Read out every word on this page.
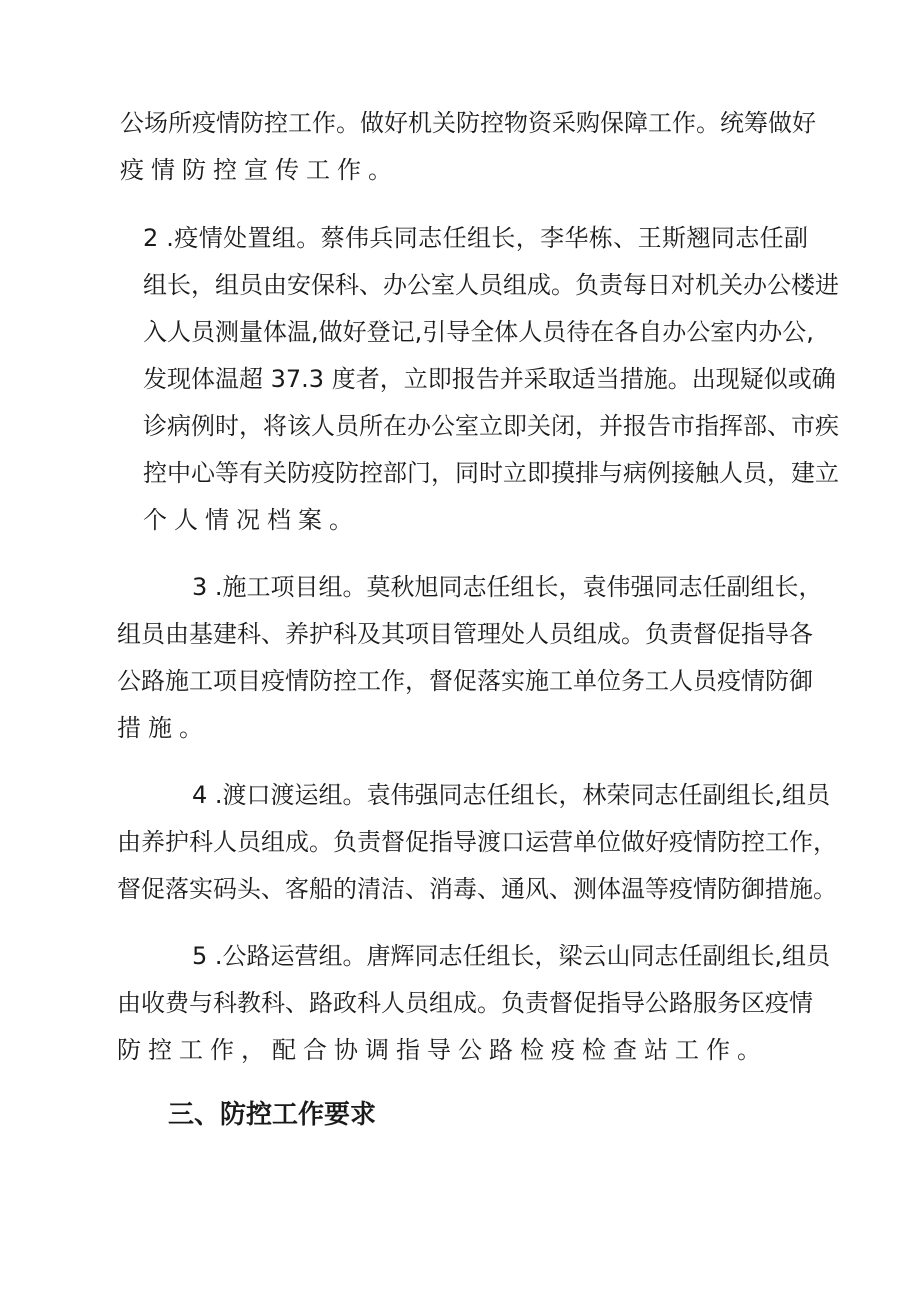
公场所疫情防控工作。做好机关防控物资采购保障工作。统筹做好
疫情防控宣传工作。
2 .疫情处置组。蔡伟兵同志任组长，李华栋、王斯翘同志任副
组长，组员由安保科、办公室人员组成。负责每日对机关办公楼进
入人员测量体温,做好登记,引导全体人员待在各自办公室内办公,
发现体温超 37.3 度者，立即报告并采取适当措施。出现疑似或确
诊病例时，将该人员所在办公室立即关闭，并报告市指挥部、市疾
控中心等有关防疫防控部门，同时立即摸排与病例接触人员，建立
个人情况档案。
3 .施工项目组。莫秋旭同志任组长，袁伟强同志任副组长，
组员由基建科、养护科及其项目管理处人员组成。负责督促指导各
公路施工项目疫情防控工作，督促落实施工单位务工人员疫情防御
措施。
4 .渡口渡运组。袁伟强同志任组长，林荣同志任副组长,组员
由养护科人员组成。负责督促指导渡口运营单位做好疫情防控工作，
督促落实码头、客船的清洁、消毒、通风、测体温等疫情防御措施。
5 .公路运营组。唐辉同志任组长，梁云山同志任副组长,组员
由收费与科教科、路政科人员组成。负责督促指导公路服务区疫情
防控工作，配合协调指导公路检疫检查站工作。
三、防控工作要求
